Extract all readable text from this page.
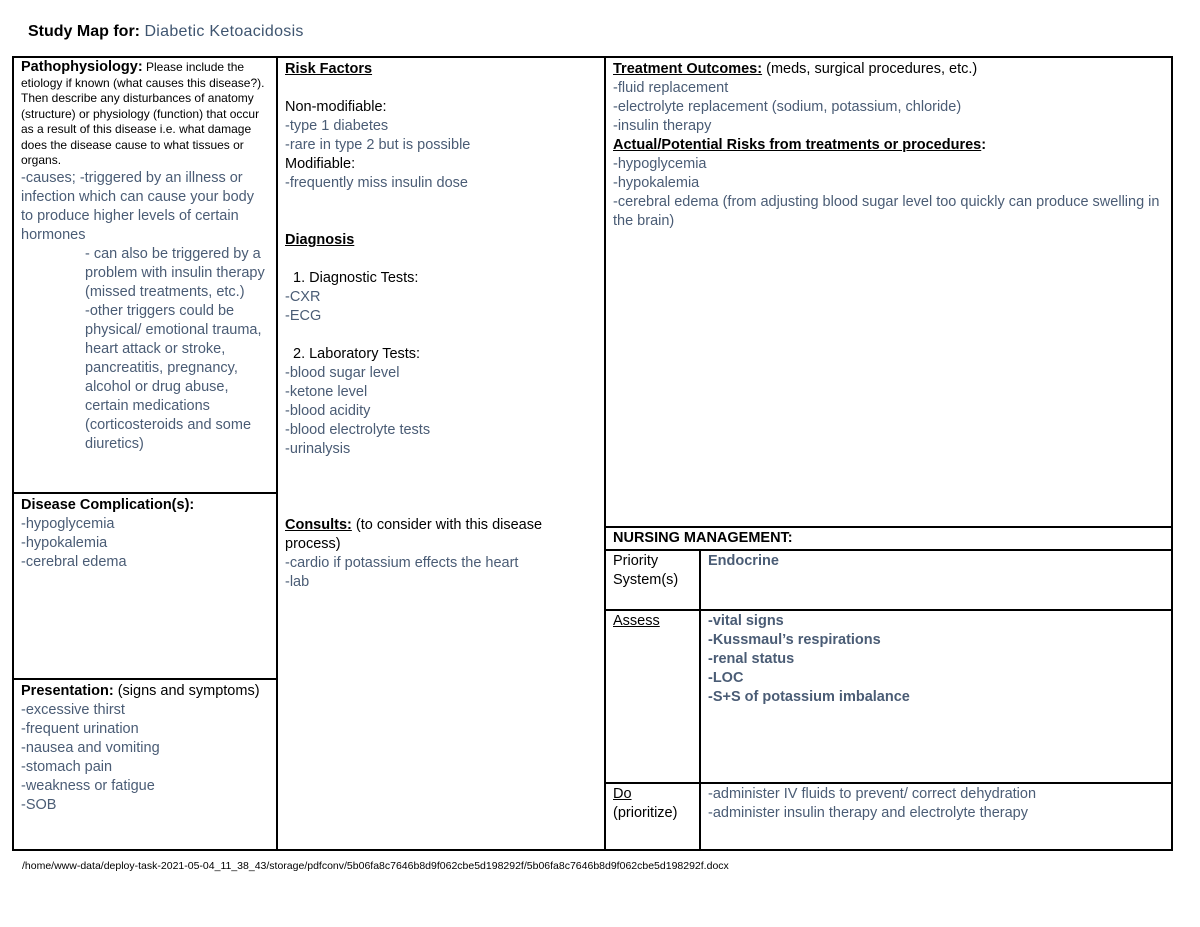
Study Map for: Diabetic Ketoacidosis
Pathophysiology: Please include the etiology if known (what causes this disease?). Then describe any disturbances of anatomy (structure) or physiology (function) that occur as a result of this disease i.e. what damage does the disease cause to what tissues or organs.
-causes; -triggered by an illness or infection which can cause your body to produce higher levels of certain hormones
- can also be triggered by a problem with insulin therapy (missed treatments, etc.)
-other triggers could be physical/ emotional trauma, heart attack or stroke, pancreatitis, pregnancy, alcohol or drug abuse, certain medications (corticosteroids and some diuretics)
Disease Complication(s):
-hypoglycemia
-hypokalemia
-cerebral edema
Presentation: (signs and symptoms)
-excessive thirst
-frequent urination
-nausea and vomiting
-stomach pain
-weakness or fatigue
-SOB
Risk Factors
Non-modifiable:
-type 1 diabetes
-rare in type 2 but is possible
Modifiable:
-frequently miss insulin dose
Diagnosis
1. Diagnostic Tests:
-CXR
-ECG
2. Laboratory Tests:
-blood sugar level
-ketone level
-blood acidity
-blood electrolyte tests
-urinalysis
Consults: (to consider with this disease process)
-cardio if potassium effects the heart
-lab
Treatment Outcomes: (meds, surgical procedures, etc.)
-fluid replacement
-electrolyte replacement (sodium, potassium, chloride)
-insulin therapy
Actual/Potential Risks from treatments or procedures:
-hypoglycemia
-hypokalemia
-cerebral edema (from adjusting blood sugar level too quickly can produce swelling in the brain)
NURSING MANAGEMENT:
Priority System(s)
Endocrine
Assess	-vital signs
-Kussmaul’s respirations
-renal status
-LOC
-S+S of potassium imbalance
Do
(prioritize)
-administer IV fluids to prevent/ correct dehydration
-administer insulin therapy and electrolyte therapy
/home/www-data/deploy-task-2021-05-04_11_38_43/storage/pdfconv/5b06fa8c7646b8d9f062cbe5d198292f/5b06fa8c7646b8d9f062cbe5d198292f.docx
